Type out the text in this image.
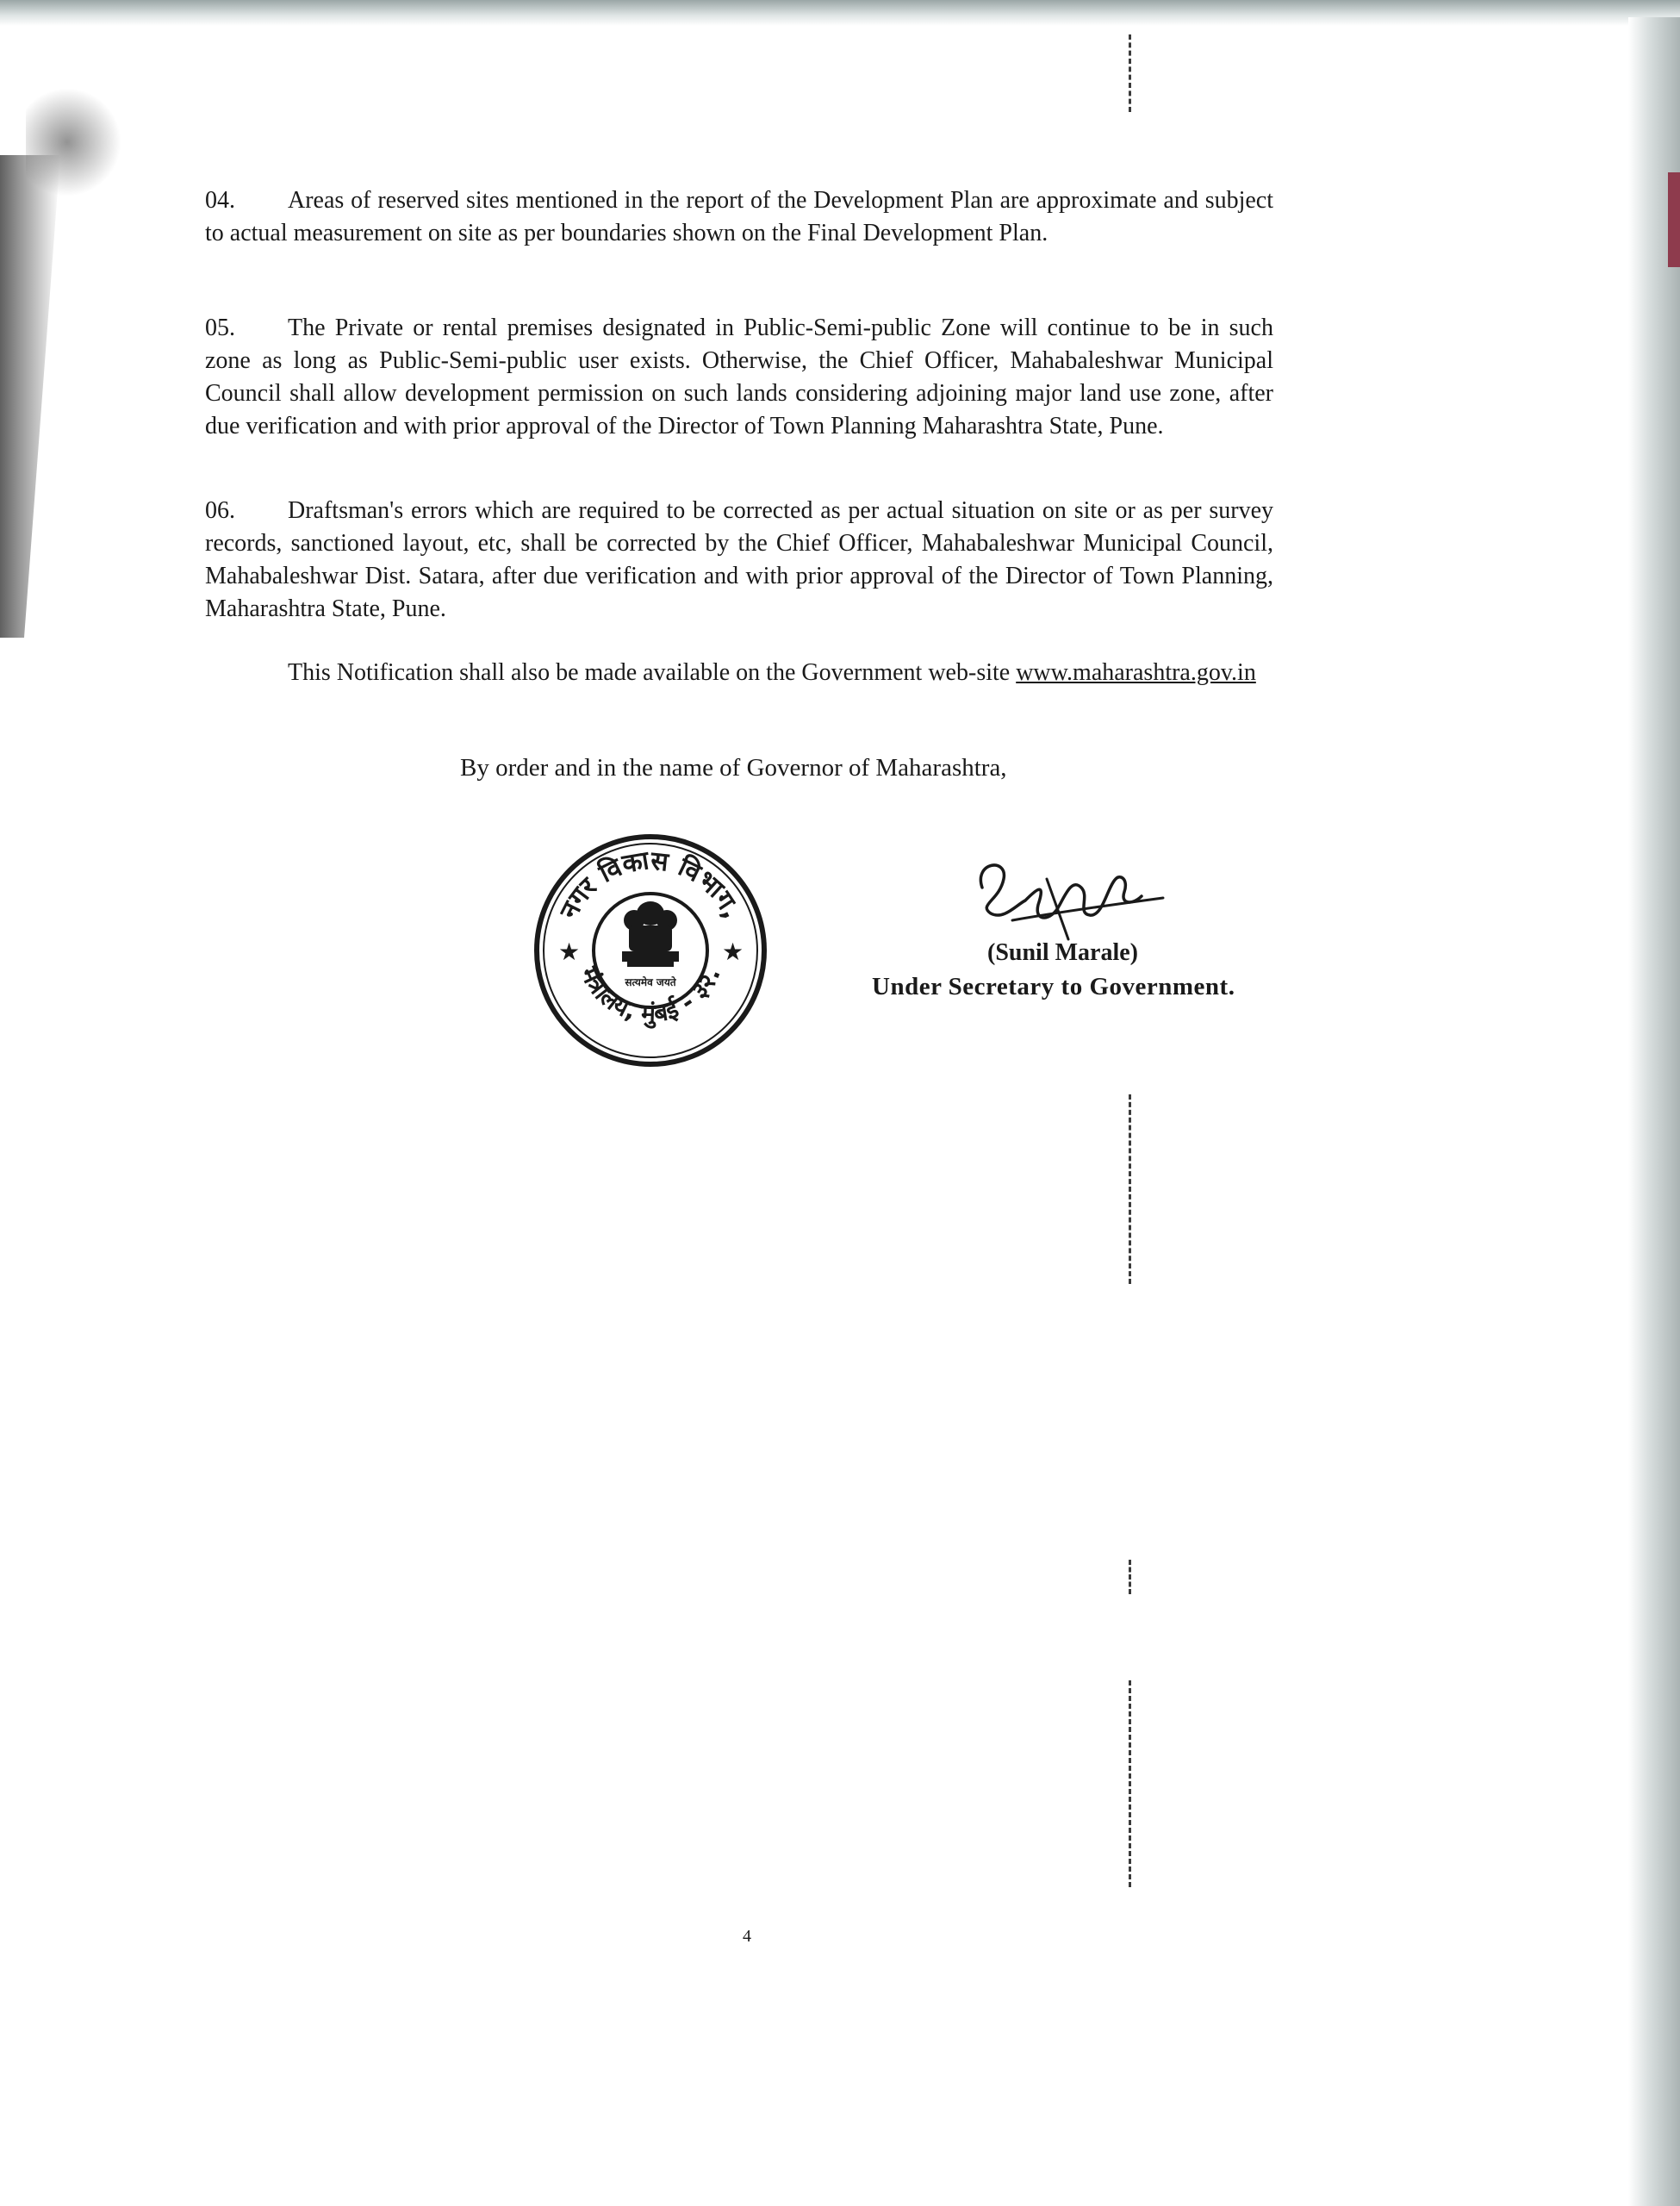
04. Areas of reserved sites mentioned in the report of the Development Plan are approximate and subject to actual measurement on site as per boundaries shown on the Final Development Plan.
05. The Private or rental premises designated in Public-Semi-public Zone will continue to be in such zone as long as Public-Semi-public user exists. Otherwise, the Chief Officer, Mahabaleshwar Municipal Council shall allow development permission on such lands considering adjoining major land use zone, after due verification and with prior approval of the Director of Town Planning Maharashtra State, Pune.
06. Draftsman's errors which are required to be corrected as per actual situation on site or as per survey records, sanctioned layout, etc, shall be corrected by the Chief Officer, Mahabaleshwar Municipal Council, Mahabaleshwar Dist. Satara, after due verification and with prior approval of the Director of Town Planning, Maharashtra State, Pune.
This Notification shall also be made available on the Government web-site www.maharashtra.gov.in
By order and in the name of Governor of Maharashtra,
नगर विकास विभाग,
मंत्रालय, मुंबई - ३२.
★	★
सत्यमेव जयते
(Sunil Marale)
Under Secretary to Government.
4
